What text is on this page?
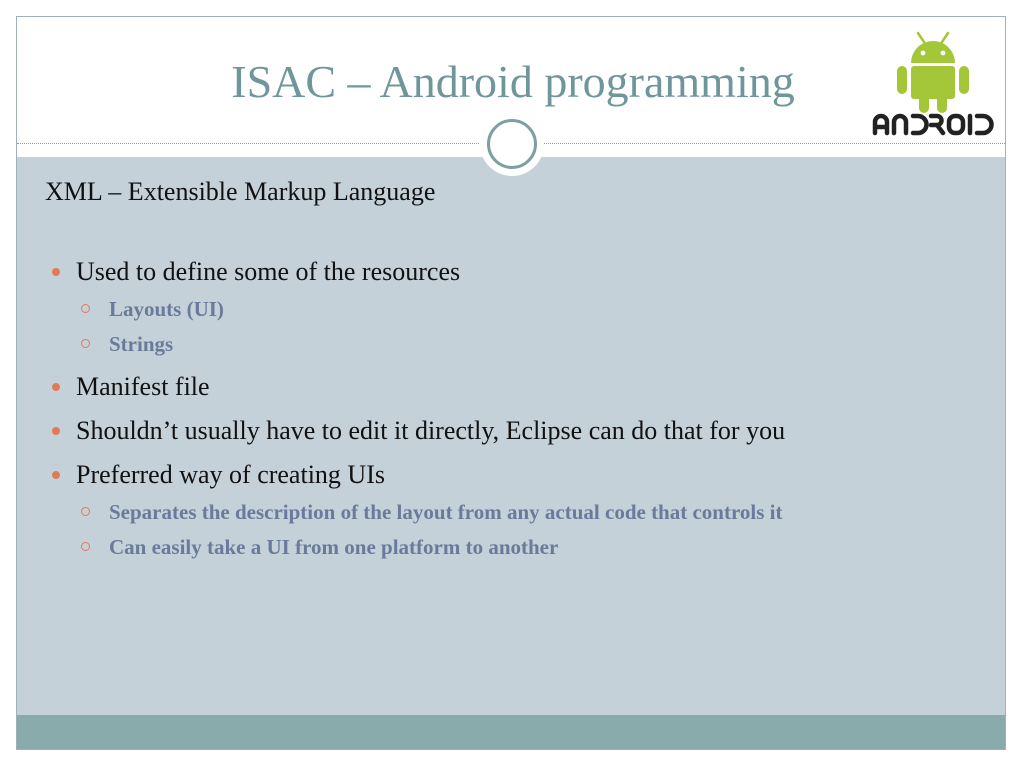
ISAC – Android programming
XML – Extensible Markup Language
Used to define some of the resources
Layouts (UI)
Strings
Manifest file
Shouldn’t usually have to edit it directly, Eclipse can do that for you
Preferred way of creating UIs
Separates the description of the layout from any actual code that controls it
Can easily take a UI from one platform to another
